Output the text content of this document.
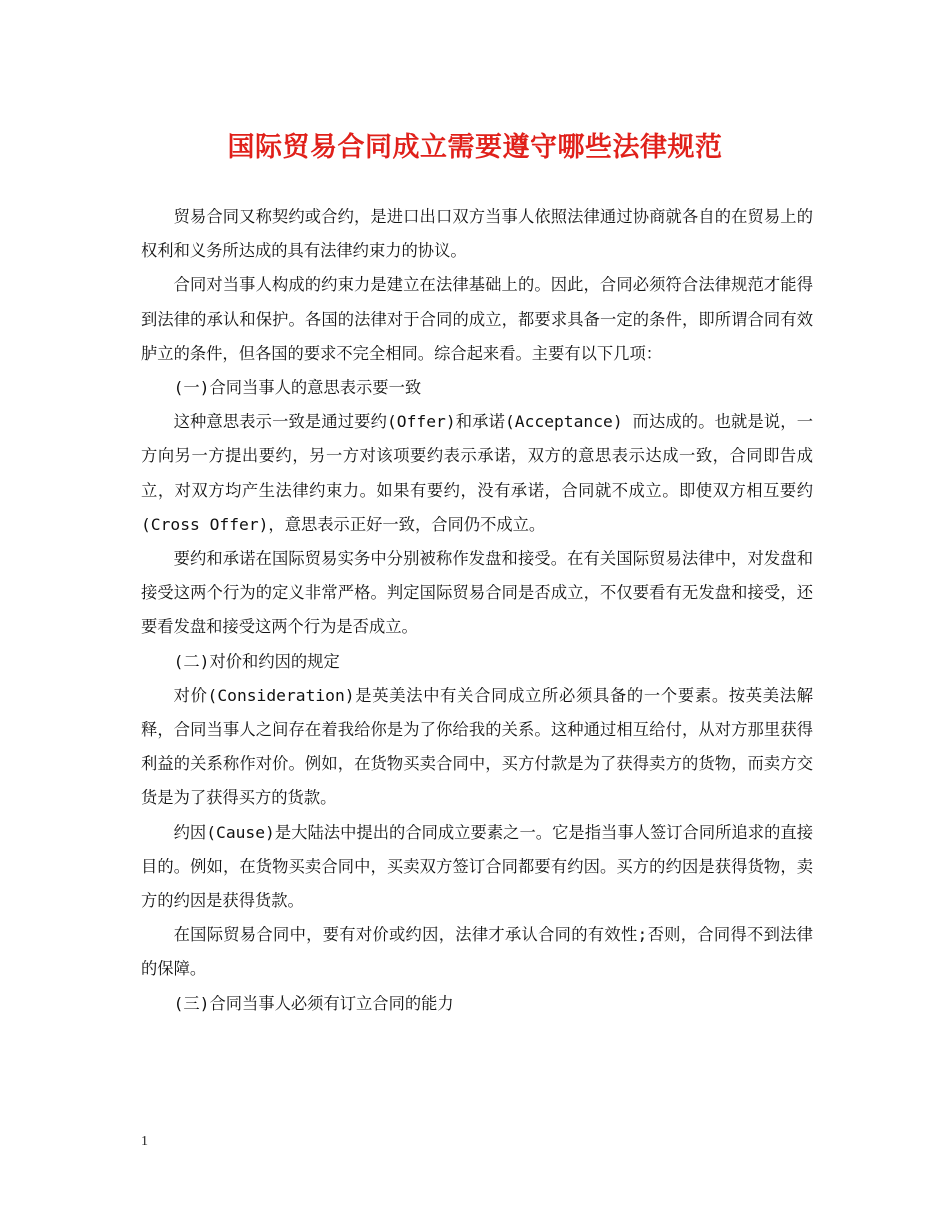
国际贸易合同成立需要遵守哪些法律规范

贸易合同又称契约或合约，是进口出口双方当事人依照法律通过协商就各自的在贸易上的权利和义务所达成的具有法律约束力的协议。

合同对当事人构成的约束力是建立在法律基础上的。因此，合同必须符合法律规范才能得到法律的承认和保护。各国的法律对于合同的成立，都要求具备一定的条件，即所谓合同有效胪立的条件，但各国的要求不完全相同。综合起来看。主要有以下几项：

(一)合同当事人的意思表示要一致

这种意思表示一致是通过要约(Offer)和承诺(Acceptance) 而达成的。也就是说，一方向另一方提出要约，另一方对该项要约表示承诺，双方的意思表示达成一致，合同即告成立，对双方均产生法律约束力。如果有要约，没有承诺，合同就不成立。即使双方相互要约(Cross Offer)，意思表示正好一致，合同仍不成立。

要约和承诺在国际贸易实务中分别被称作发盘和接受。在有关国际贸易法律中，对发盘和接受这两个行为的定义非常严格。判定国际贸易合同是否成立，不仅要看有无发盘和接受，还要看发盘和接受这两个行为是否成立。

(二)对价和约因的规定

对价(Consideration)是英美法中有关合同成立所必须具备的一个要素。按英美法解释，合同当事人之间存在着我给你是为了你给我的关系。这种通过相互给付，从对方那里获得利益的关系称作对价。例如，在货物买卖合同中，买方付款是为了获得卖方的货物，而卖方交货是为了获得买方的货款。

约因(Cause)是大陆法中提出的合同成立要素之一。它是指当事人签订合同所追求的直接目的。例如，在货物买卖合同中，买卖双方签订合同都要有约因。买方的约因是获得货物，卖方的约因是获得货款。

在国际贸易合同中，要有对价或约因，法律才承认合同的有效性;否则，合同得不到法律的保障。

(三)合同当事人必须有订立合同的能力

1
